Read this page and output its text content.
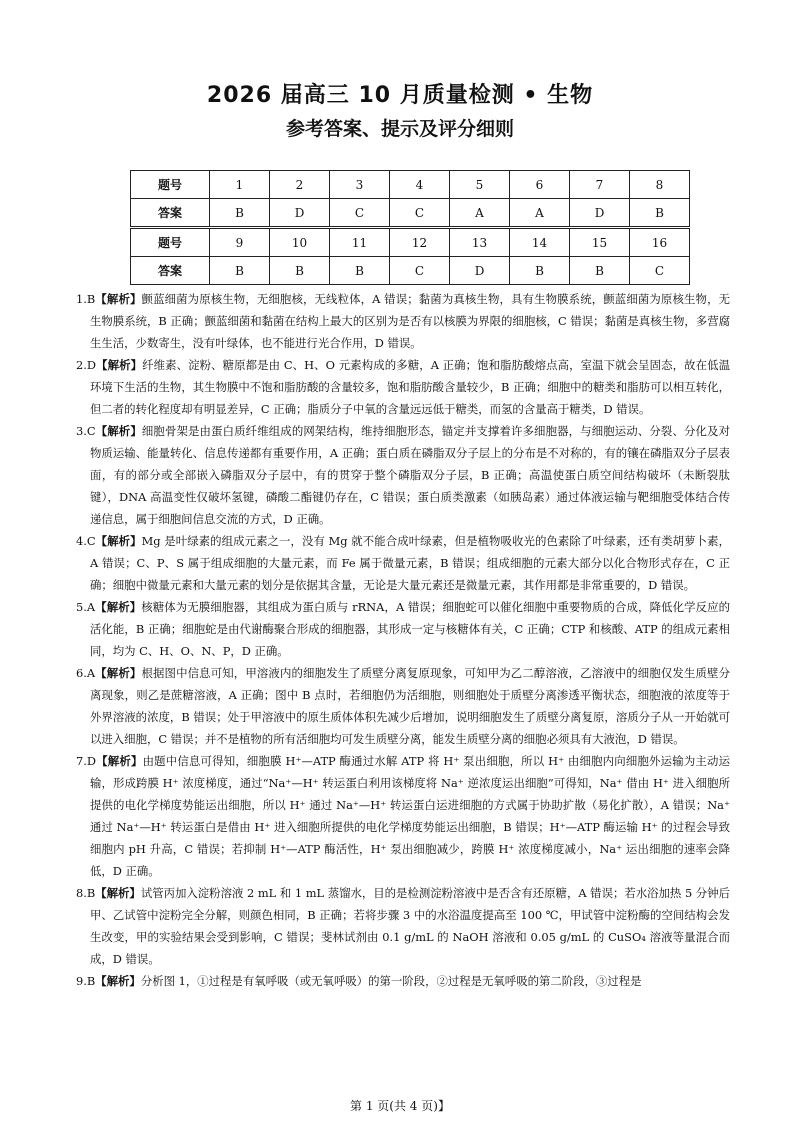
2026 届高三 10 月质量检测 • 生物
参考答案、提示及评分细则
题号	1	2	3	4	5	6	7	8
答案	B	D	C	C	A	A	D	B
题号	9	10	11	12	13	14	15	16
答案	B	B	B	C	D	B	B	C

1.B【解析】颤蓝细菌为原核生物，无细胞核，无线粒体，A 错误；黏菌为真核生物，具有生物膜系统，颤蓝细菌为原核生物，无生物膜系统，B 正确；颤蓝细菌和黏菌在结构上最大的区别为是否有以核膜为界限的细胞核，C 错误；黏菌是真核生物，多营腐生生活，少数寄生，没有叶绿体，也不能进行光合作用，D 错误。

2.D【解析】纤维素、淀粉、糖原都是由 C、H、O 元素构成的多糖，A 正确；饱和脂肪酸熔点高，室温下就会呈固态，故在低温环境下生活的生物，其生物膜中不饱和脂肪酸的含量较多，饱和脂肪酸含量较少，B 正确；细胞中的糖类和脂肪可以相互转化，但二者的转化程度却有明显差异，C 正确；脂质分子中氧的含量远远低于糖类，而氢的含量高于糖类，D 错误。

3.C【解析】细胞骨架是由蛋白质纤维组成的网架结构，维持细胞形态，锚定并支撑着许多细胞器，与细胞运动、分裂、分化及对物质运输、能量转化、信息传递都有重要作用，A 正确；蛋白质在磷脂双分子层上的分布是不对称的，有的镶在磷脂双分子层表面，有的部分或全部嵌入磷脂双分子层中，有的贯穿于整个磷脂双分子层，B 正确；高温使蛋白质空间结构破坏（未断裂肽键），DNA 高温变性仅破坏氢键，磷酸二酯键仍存在，C 错误；蛋白质类激素（如胰岛素）通过体液运输与靶细胞受体结合传递信息，属于细胞间信息交流的方式，D 正确。

4.C【解析】Mg 是叶绿素的组成元素之一，没有 Mg 就不能合成叶绿素，但是植物吸收光的色素除了叶绿素，还有类胡萝卜素，A 错误；C、P、S 属于组成细胞的大量元素，而 Fe 属于微量元素，B 错误；组成细胞的元素大部分以化合物形式存在，C 正确；细胞中微量元素和大量元素的划分是依据其含量，无论是大量元素还是微量元素，其作用都是非常重要的，D 错误。

5.A【解析】核糖体为无膜细胞器，其组成为蛋白质与 rRNA，A 错误；细胞蛇可以催化细胞中重要物质的合成，降低化学反应的活化能，B 正确；细胞蛇是由代谢酶聚合形成的细胞器，其形成一定与核糖体有关，C 正确；CTP 和核酸、ATP 的组成元素相同，均为 C、H、O、N、P，D 正确。

6.A【解析】根据图中信息可知，甲溶液内的细胞发生了质壁分离复原现象，可知甲为乙二醇溶液，乙溶液中的细胞仅发生质壁分离现象，则乙是蔗糖溶液，A 正确；图中 B 点时，若细胞仍为活细胞，则细胞处于质壁分离渗透平衡状态，细胞液的浓度等于外界溶液的浓度，B 错误；处于甲溶液中的原生质体体积先减少后增加，说明细胞发生了质壁分离复原，溶质分子从一开始就可以进入细胞，C 错误；并不是植物的所有活细胞均可发生质壁分离，能发生质壁分离的细胞必须具有大液泡，D 错误。

7.D【解析】由题中信息可得知，细胞膜 H⁺—ATP 酶通过水解 ATP 将 H⁺ 泵出细胞，所以 H⁺ 由细胞内向细胞外运输为主动运输，形成跨膜 H⁺ 浓度梯度，通过“Na⁺—H⁺ 转运蛋白利用该梯度将 Na⁺ 逆浓度运出细胞”可得知，Na⁺ 借由 H⁺ 进入细胞所提供的电化学梯度势能运出细胞，所以 H⁺ 通过 Na⁺—H⁺ 转运蛋白运进细胞的方式属于协助扩散（易化扩散），A 错误；Na⁺ 通过 Na⁺—H⁺ 转运蛋白是借由 H⁺ 进入细胞所提供的电化学梯度势能运出细胞，B 错误；H⁺—ATP 酶运输 H⁺ 的过程会导致细胞内 pH 升高，C 错误；若抑制 H⁺—ATP 酶活性，H⁺ 泵出细胞减少，跨膜 H⁺ 浓度梯度减小，Na⁺ 运出细胞的速率会降低，D 正确。

8.B【解析】试管丙加入淀粉溶液 2 mL 和 1 mL 蒸馏水，目的是检测淀粉溶液中是否含有还原糖，A 错误；若水浴加热 5 分钟后甲、乙试管中淀粉完全分解，则颜色相同，B 正确；若将步骤 3 中的水浴温度提高至 100 ℃，甲试管中淀粉酶的空间结构会发生改变，甲的实验结果会受到影响，C 错误；斐林试剂由 0.1 g/mL 的 NaOH 溶液和 0.05 g/mL 的 CuSO₄ 溶液等量混合而成，D 错误。

9.B【解析】分析图 1，①过程是有氧呼吸（或无氧呼吸）的第一阶段，②过程是无氧呼吸的第二阶段，③过程是

第 1 页(共 4 页)】
